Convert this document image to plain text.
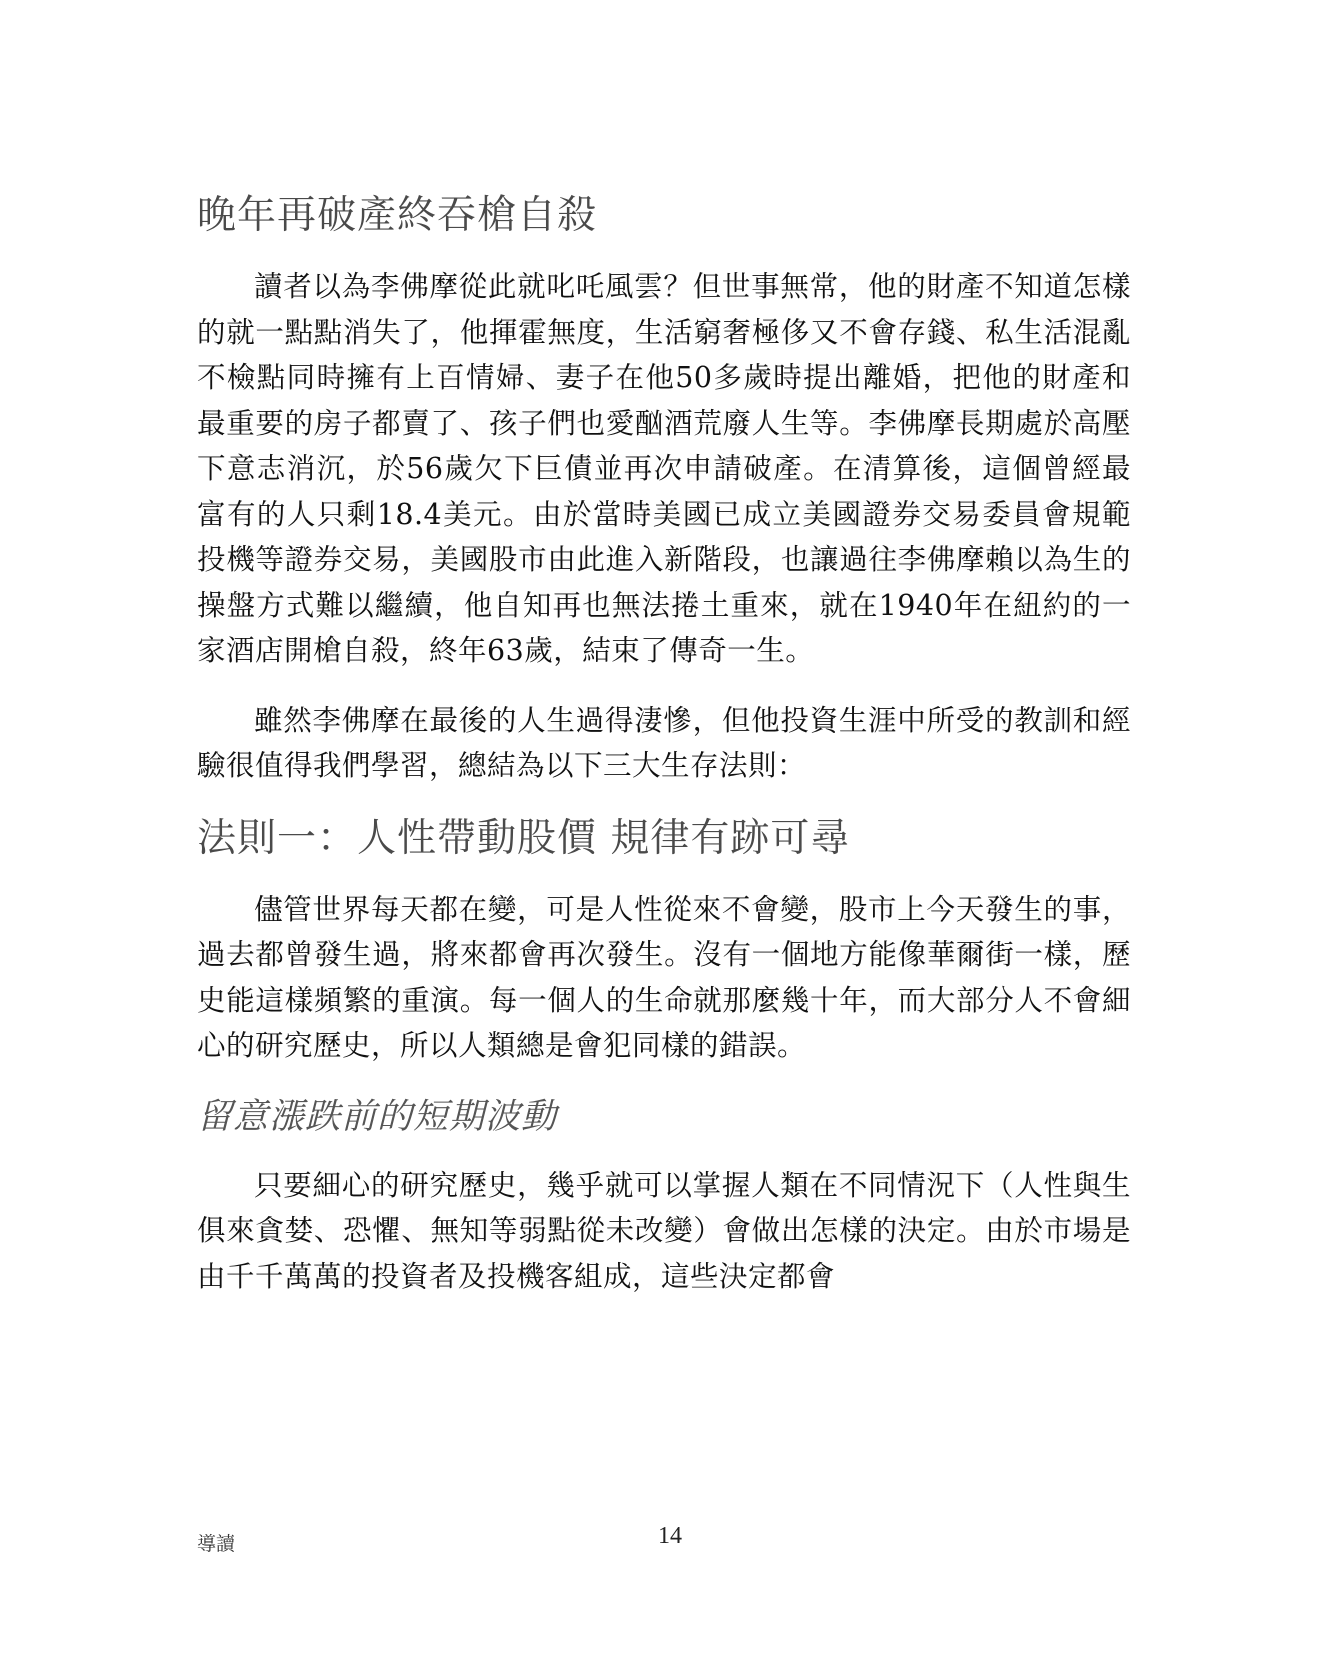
晚年再破產終吞槍自殺

讀者以為李佛摩從此就叱吒風雲？但世事無常，他的財產不知道怎樣的就一點點消失了，他揮霍無度，生活窮奢極侈又不會存錢、私生活混亂不檢點同時擁有上百情婦、妻子在他50多歲時提出離婚，把他的財產和最重要的房子都賣了、孩子們也愛酗酒荒廢人生等。李佛摩長期處於高壓下意志消沉，於56歲欠下巨債並再次申請破產。在清算後，這個曾經最富有的人只剩18.4美元。由於當時美國已成立美國證券交易委員會規範投機等證券交易，美國股市由此進入新階段，也讓過往李佛摩賴以為生的操盤方式難以繼續，他自知再也無法捲土重來，就在1940年在紐約的一家酒店開槍自殺，終年63歲，結束了傳奇一生。

雖然李佛摩在最後的人生過得淒慘，但他投資生涯中所受的教訓和經驗很值得我們學習，總結為以下三大生存法則：

法則一：人性帶動股價 規律有跡可尋

儘管世界每天都在變，可是人性從來不會變，股市上今天發生的事，過去都曾發生過，將來都會再次發生。沒有一個地方能像華爾街一樣，歷史能這樣頻繁的重演。每一個人的生命就那麼幾十年，而大部分人不會細心的研究歷史，所以人類總是會犯同樣的錯誤。

留意漲跌前的短期波動

只要細心的研究歷史，幾乎就可以掌握人類在不同情況下（人性與生俱來貪婪、恐懼、無知等弱點從未改變）會做出怎樣的決定。由於市場是由千千萬萬的投資者及投機客組成，這些決定都會

導讀	14
